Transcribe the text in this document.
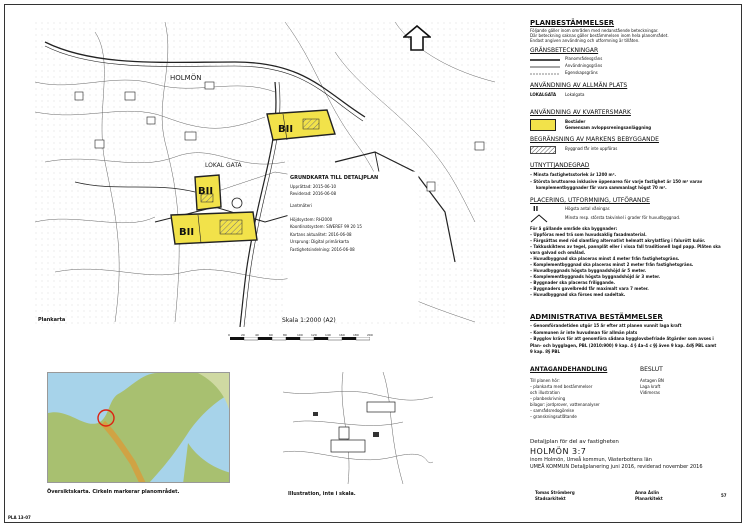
BII
BII
BII
HOLMÖN
LOKAL GATA
GRUNDKARTA TILL DETALJPLAN
Upprättad: 2015-06-10
Reviderad: 2016-06-08
Lantmäteri
Höjdsystem: RH2000
Koordinatsystem: SWEREF 99 20 15
Kartans aktualitet: 2016-06-08
Ursprung: Digital primärkarta
Fastighetsindelning: 2016-06-08
Plankarta	Skala 1:2000 (A2)
0	20	40	60	80	100	120	140	160	180	200
Översiktskarta. Cirkeln markerar planområdet.	Illustration, inte i skala.
PLA 13-07
PLANBESTÄMMELSER
Följande gäller inom områden med nedanstående beteckningar.
Där beteckning saknas gäller bestämmelsen inom hela planområdet.
Endast angiven användning och utformning är tillåten.
GRÄNSBETECKNINGAR
Planområdesgräns
Användningsgräns
Egenskapsgräns
ANVÄNDNING AV ALLMÄN PLATS
LOKALGATA Lokalgata
ANVÄNDNING AV KVARTERSMARK
Bostäder
Gemensam avloppsreningsanläggning
BEGRÄNSNING AV MARKENS BEBYGGANDE
Byggnad får inte uppföras
UTNYTTJANDEGRAD
– Minsta fastighetsstorlek är 1200 m².
– Största bruttoarea inklusive öppenarea för varje fastighet är 150 m² varav
komplementbyggnader får vara sammanlagt högst 70 m².
PLACERING, UTFORMNING, UTFÖRANDE
II	Högsta antal våningar.
Minsta resp. största takvinkel i grader för huvudbyggnad.
För å gällande område ska byggnader:
– Uppföras med trä som huvudsaklig fasadmaterial.
– Färgsättas med röd slamfärg alternativt helmatt akrylatfärg i falurött kulör.
– Takkuskiktens av tegel, pannplåt eller i vissa fall traditionell lagd papp. Plåten ska
vara galvad och omålad.
– Huvudbyggnad ska placeras minst 4 meter från fastighetsgräns.
– Komplementbyggnad ska placeras minst 2 meter från fastighetsgräns.
– Huvudbyggnads högsta byggnadshöjd är 5 meter.
– Komplementbyggnads högsta byggnadshöjd är 3 meter.
– Byggnader ska placeras friliggande.
– Byggnaders gavelbredd får maximalt vara 7 meter.
– Huvudbyggnad ska förses med sadeltak.
ADMINISTRATIVA BESTÄMMELSER
– Genomförandetiden utgör 15 år efter att planen vunnit laga kraft
– Kommunen är inte huvudman för allmän plats
– Bygglov krävs för att genomföra sådana bygglovsbefriade åtgärder som avses i
Plan- och bygglagen, PBL (2010:900) 9 kap. 4 § 4a–4 c §§ även 9 kap. 4d§ PBL samt
9 kap. 8§ PBL
ANTAGANDEHANDLING
Till planen hör:
– plankarta med bestämmelser
och illustration
– planbeskrivning
bilagor: jordprover, vattenanalyser
– samrådsredogörelse
– granskningsutlåtande
BESLUT
Antagen BN
Laga kraft
Vidimeras
Detaljplan för del av fastigheten
HOLMÖN 3:7
inom Holmön, Umeå kommun, Västerbottens län
UMEÅ KOMMUN Detaljplanering juni 2016, reviderad november 2016
Tomas Strömberg
Stadsarkitekt
Anna Åslin
Planarkitekt
57
